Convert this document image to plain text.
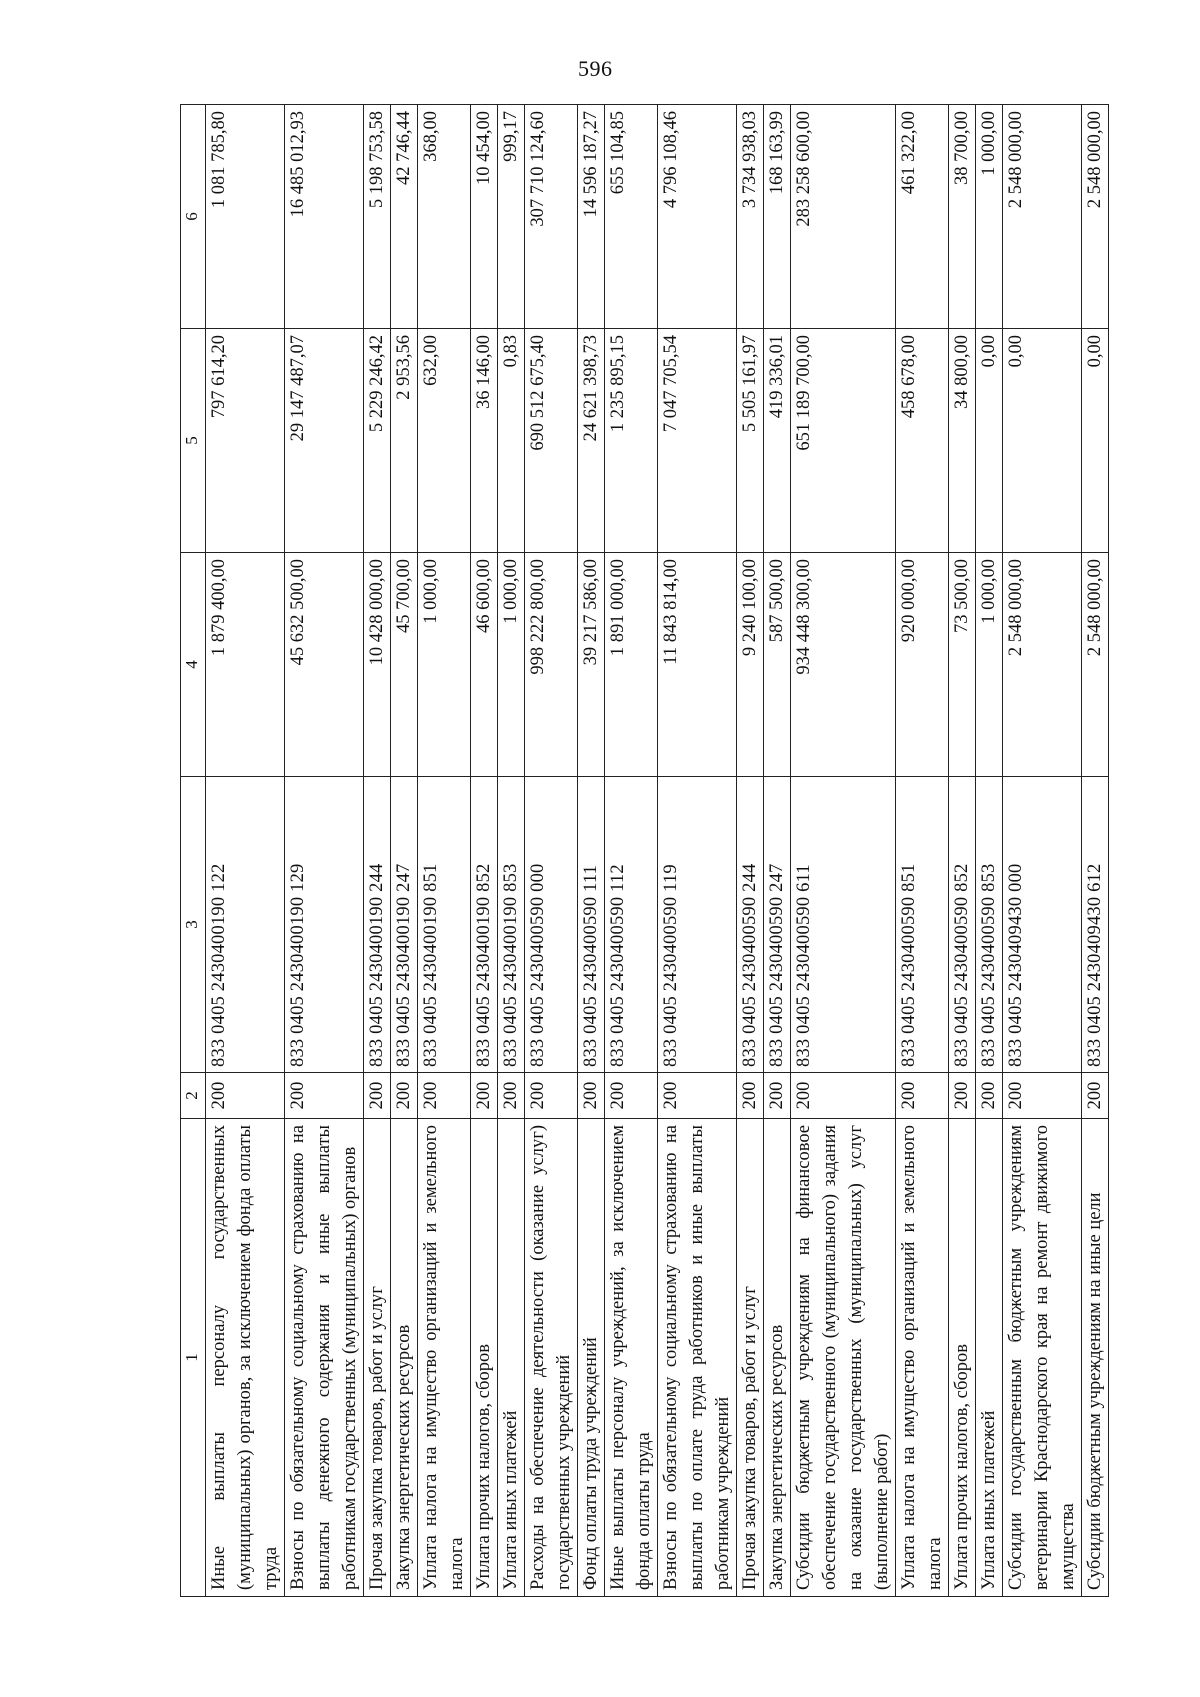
596
1	2	3	4	5	6
Иные выплаты персоналу государственных (муниципальных) органов, за исключением фонда оплаты труда	200	833 0405 2430400190 122	1 879 400,00	797 614,20	1 081 785,80
Взносы по обязательному социальному страхованию на выплаты денежного содержания и иные выплаты работникам государственных (муниципальных) органов	200	833 0405 2430400190 129	45 632 500,00	29 147 487,07	16 485 012,93
Прочая закупка товаров, работ и услуг	200	833 0405 2430400190 244	10 428 000,00	5 229 246,42	5 198 753,58
Закупка энергетических ресурсов	200	833 0405 2430400190 247	45 700,00	2 953,56	42 746,44
Уплата налога на имущество организаций и земельного налога	200	833 0405 2430400190 851	1 000,00	632,00	368,00
Уплата прочих налогов, сборов	200	833 0405 2430400190 852	46 600,00	36 146,00	10 454,00
Уплата иных платежей	200	833 0405 2430400190 853	1 000,00	0,83	999,17
Расходы на обеспечение деятельности (оказание услуг) государственных учреждений	200	833 0405 2430400590 000	998 222 800,00	690 512 675,40	307 710 124,60
Фонд оплаты труда учреждений	200	833 0405 2430400590 111	39 217 586,00	24 621 398,73	14 596 187,27
Иные выплаты персоналу учреждений, за исключением фонда оплаты труда	200	833 0405 2430400590 112	1 891 000,00	1 235 895,15	655 104,85
Взносы по обязательному социальному страхованию на выплаты по оплате труда работников и иные выплаты работникам учреждений	200	833 0405 2430400590 119	11 843 814,00	7 047 705,54	4 796 108,46
Прочая закупка товаров, работ и услуг	200	833 0405 2430400590 244	9 240 100,00	5 505 161,97	3 734 938,03
Закупка энергетических ресурсов	200	833 0405 2430400590 247	587 500,00	419 336,01	168 163,99
Субсидии бюджетным учреждениям на финансовое обеспечение государственного (муниципального) задания на оказание государственных (муниципальных) услуг (выполнение работ)	200	833 0405 2430400590 611	934 448 300,00	651 189 700,00	283 258 600,00
Уплата налога на имущество организаций и земельного налога	200	833 0405 2430400590 851	920 000,00	458 678,00	461 322,00
Уплата прочих налогов, сборов	200	833 0405 2430400590 852	73 500,00	34 800,00	38 700,00
Уплата иных платежей	200	833 0405 2430400590 853	1 000,00	0,00	1 000,00
Субсидии государственным бюджетным учреждениям ветеринарии Краснодарского края на ремонт движимого имущества	200	833 0405 2430409430 000	2 548 000,00	0,00	2 548 000,00
Субсидии бюджетным учреждениям на иные цели	200	833 0405 2430409430 612	2 548 000,00	0,00	2 548 000,00
